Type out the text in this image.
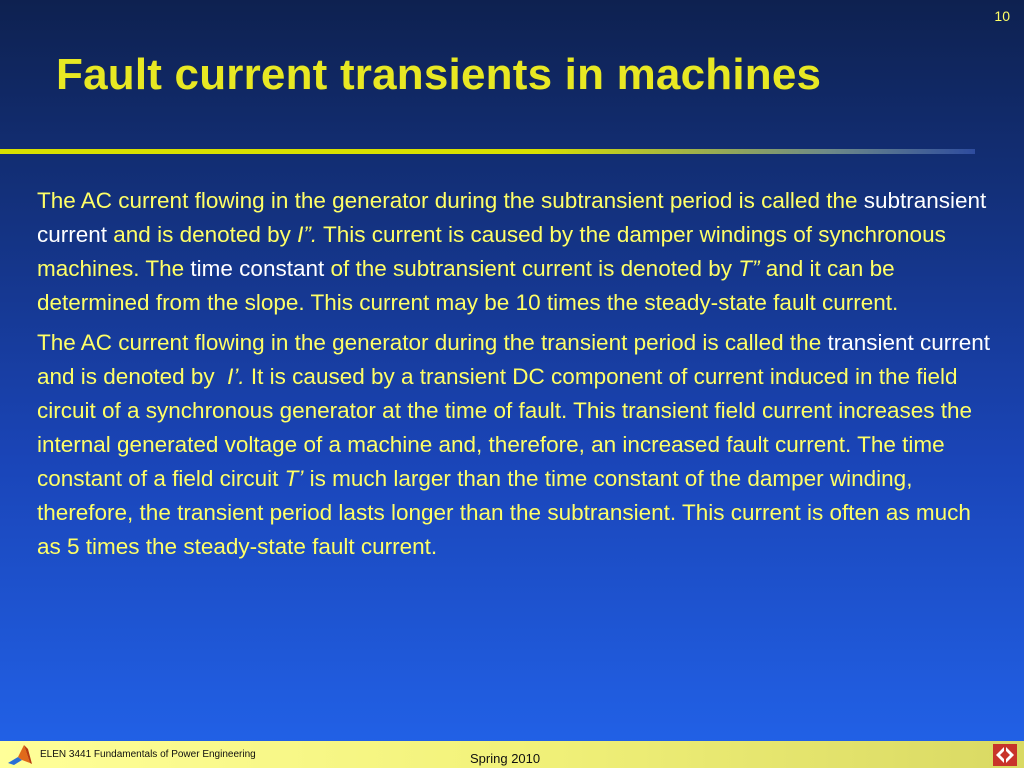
10
Fault current transients in machines

The AC current flowing in the generator during the subtransient period is called the subtransient current and is denoted by I”. This current is caused by the damper windings of synchronous machines. The time constant of the subtransient current is denoted by T” and it can be determined from the slope. This current may be 10 times the steady-state fault current.

The AC current flowing in the generator during the transient period is called the transient current and is denoted by  I’. It is caused by a transient DC component of current induced in the field circuit of a synchronous generator at the time of fault. This transient field current increases the internal generated voltage of a machine and, therefore, an increased fault current. The time constant of a field circuit T’ is much larger than the time constant of the damper winding, therefore, the transient period lasts longer than the subtransient. This current is often as much as 5 times the steady-state fault current.

ELEN 3441 Fundamentals of Power Engineering	Spring 2010
